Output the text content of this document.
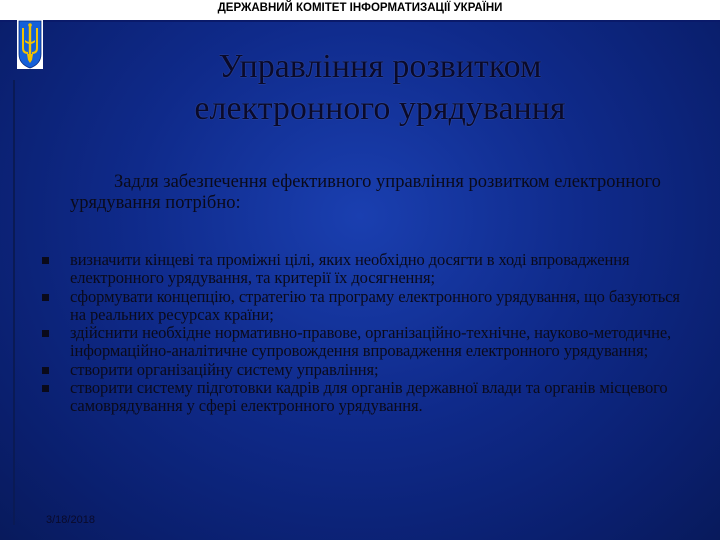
ДЕРЖАВНИЙ КОМІТЕТ ІНФОРМАТИЗАЦІЇ УКРАЇНИ
Управління розвитком
електронного урядування
Задля забезпечення ефективного управління розвитком електронного урядування потрібно:
визначити кінцеві та проміжні цілі, яких необхідно досягти в ході впровадження електронного урядування, та критерії їх досягнення;
сформувати концепцію, стратегію та програму електронного урядування, що базуються на реальних ресурсах країни;
здійснити необхідне нормативно-правове, організаційно-технічне, науково-методичне, інформаційно-аналітичне супровождення впровадження електронного урядування;
створити організаційну систему управління;
створити систему підготовки кадрів для органів державної влади та органів місцевого самоврядування у сфері електронного урядування.
3/18/2018
